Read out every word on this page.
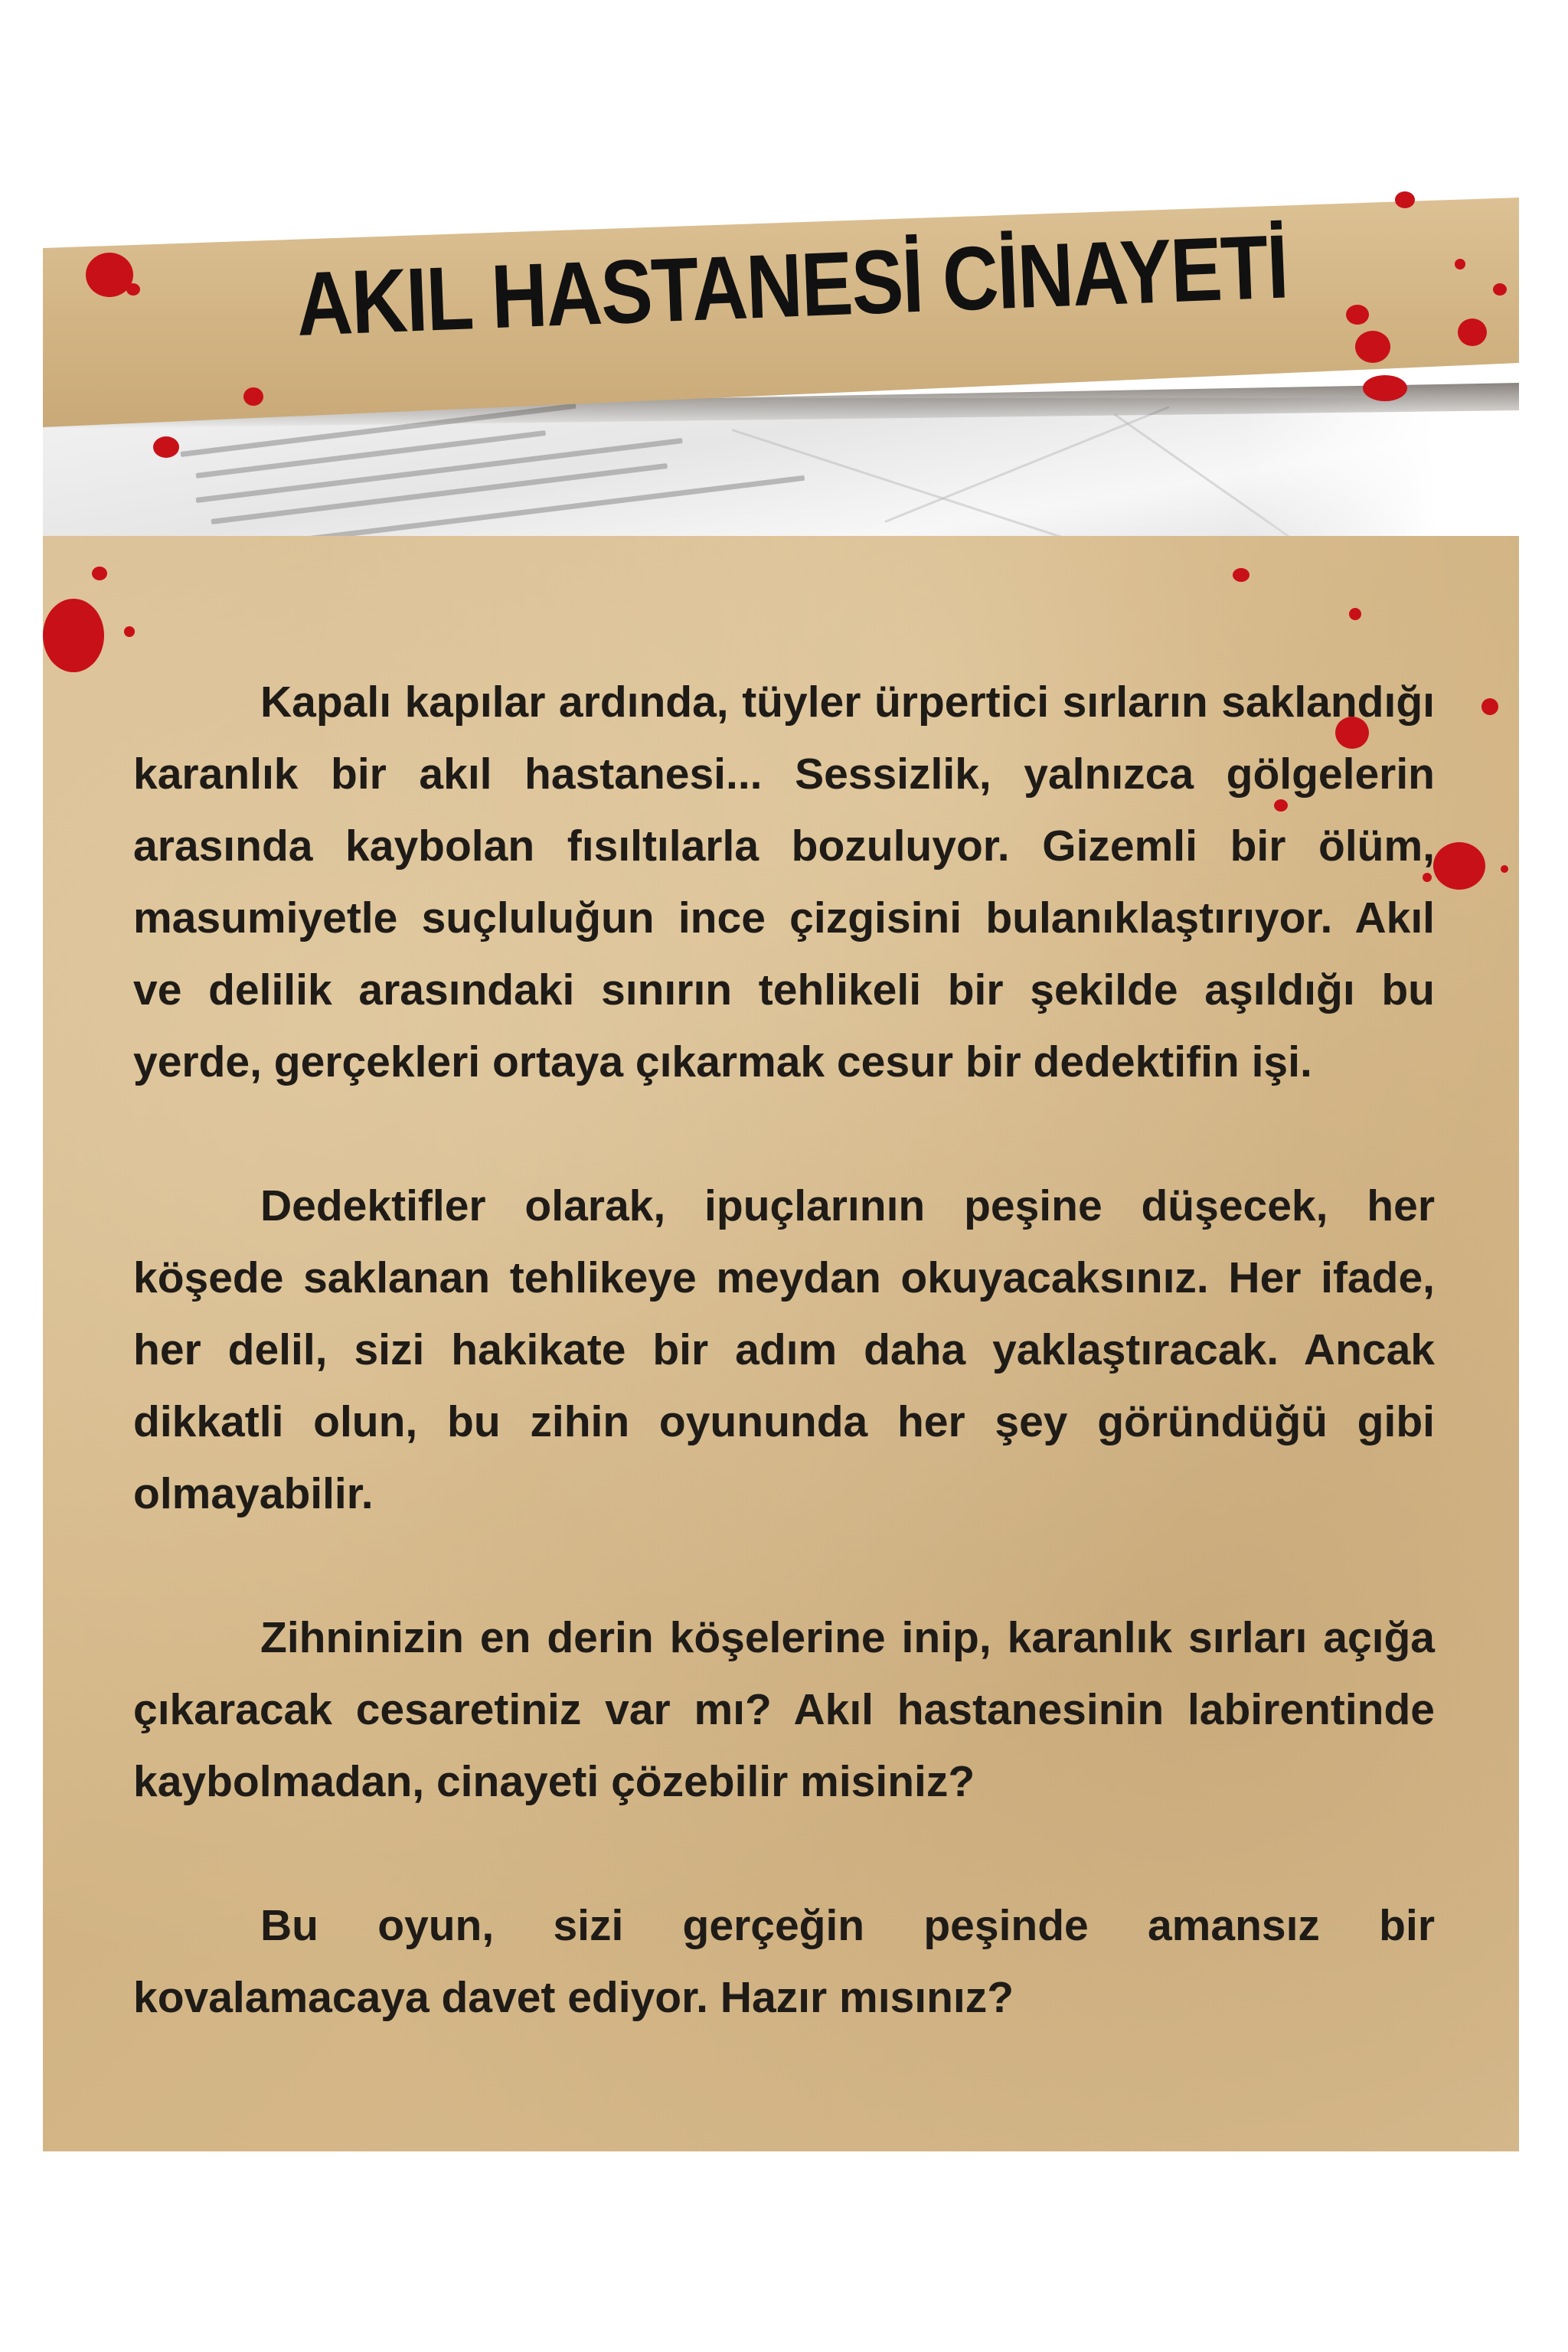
AKIL HASTANESİ CİNAYETİ

Kapalı kapılar ardında, tüyler ürpertici sırların saklandığı karanlık bir akıl hastanesi... Sessizlik, yalnızca gölgelerin arasında kaybolan fısıltılarla bozuluyor. Gizemli bir ölüm, masumiyetle suçluluğun ince çizgisini bulanıklaştırıyor. Akıl ve delilik arasındaki sınırın tehlikeli bir şekilde aşıldığı bu yerde, gerçekleri ortaya çıkarmak cesur bir dedektifin işi.

Dedektifler olarak, ipuçlarının peşine düşecek, her köşede saklanan tehlikeye meydan okuyacaksınız. Her ifade, her delil, sizi hakikate bir adım daha yaklaştıracak. Ancak dikkatli olun, bu zihin oyununda her şey göründüğü gibi olmayabilir.

Zihninizin en derin köşelerine inip, karanlık sırları açığa çıkaracak cesaretiniz var mı? Akıl hastanesinin labirentinde kaybolmadan, cinayeti çözebilir misiniz?

Bu oyun, sizi gerçeğin peşinde amansız bir kovalamacaya davet ediyor. Hazır mısınız?
